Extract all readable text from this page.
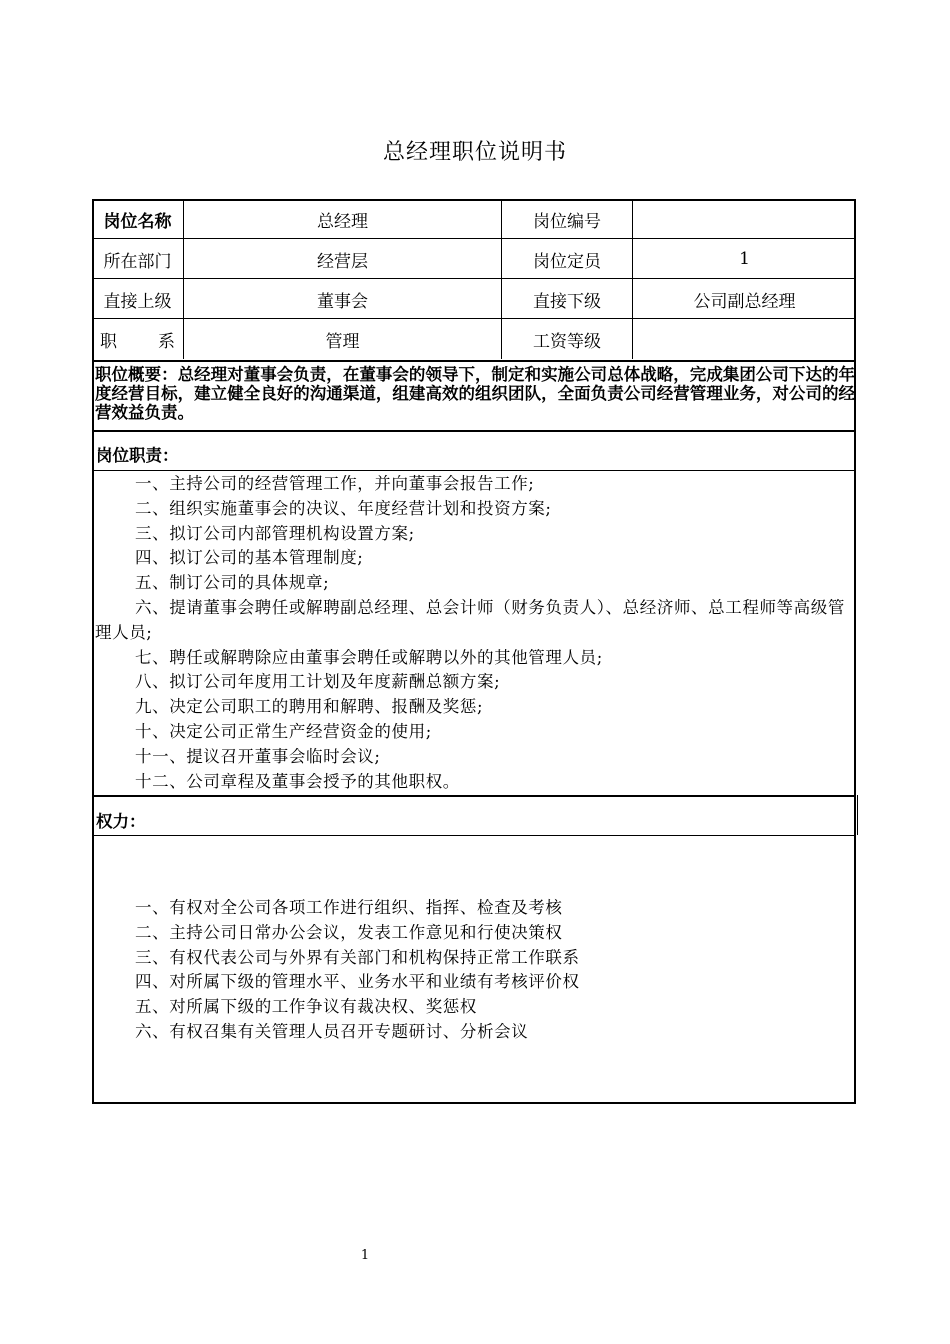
总经理职位说明书
岗位名称	总经理	岗位编号
所在部门	经营层	岗位定员	1
直接上级	董事会	直接下级	公司副总经理
职 系	管理	工资等级
职位概要：总经理对董事会负责，在董事会的领导下，制定和实施公司总体战略，完成集团公司下达的年度经营目标，建立健全良好的沟通渠道，组建高效的组织团队，全面负责公司经营管理业务，对公司的经营效益负责。
岗位职责：
一、主持公司的经营管理工作，并向董事会报告工作;
二、组织实施董事会的决议、年度经营计划和投资方案;
三、拟订公司内部管理机构设置方案;
四、拟订公司的基本管理制度;
五、制订公司的具体规章;
六、提请董事会聘任或解聘副总经理、总会计师（财务负责人）、总经济师、总工程师等高级管理人员;
七、聘任或解聘除应由董事会聘任或解聘以外的其他管理人员;
八、拟订公司年度用工计划及年度薪酬总额方案;
九、决定公司职工的聘用和解聘、报酬及奖惩;
十、决定公司正常生产经营资金的使用;
十一、提议召开董事会临时会议;
十二、公司章程及董事会授予的其他职权。
权力：
一、有权对全公司各项工作进行组织、指挥、检查及考核
二、主持公司日常办公会议，发表工作意见和行使决策权
三、有权代表公司与外界有关部门和机构保持正常工作联系
四、对所属下级的管理水平、业务水平和业绩有考核评价权
五、对所属下级的工作争议有裁决权、奖惩权
六、有权召集有关管理人员召开专题研讨、分析会议
1
